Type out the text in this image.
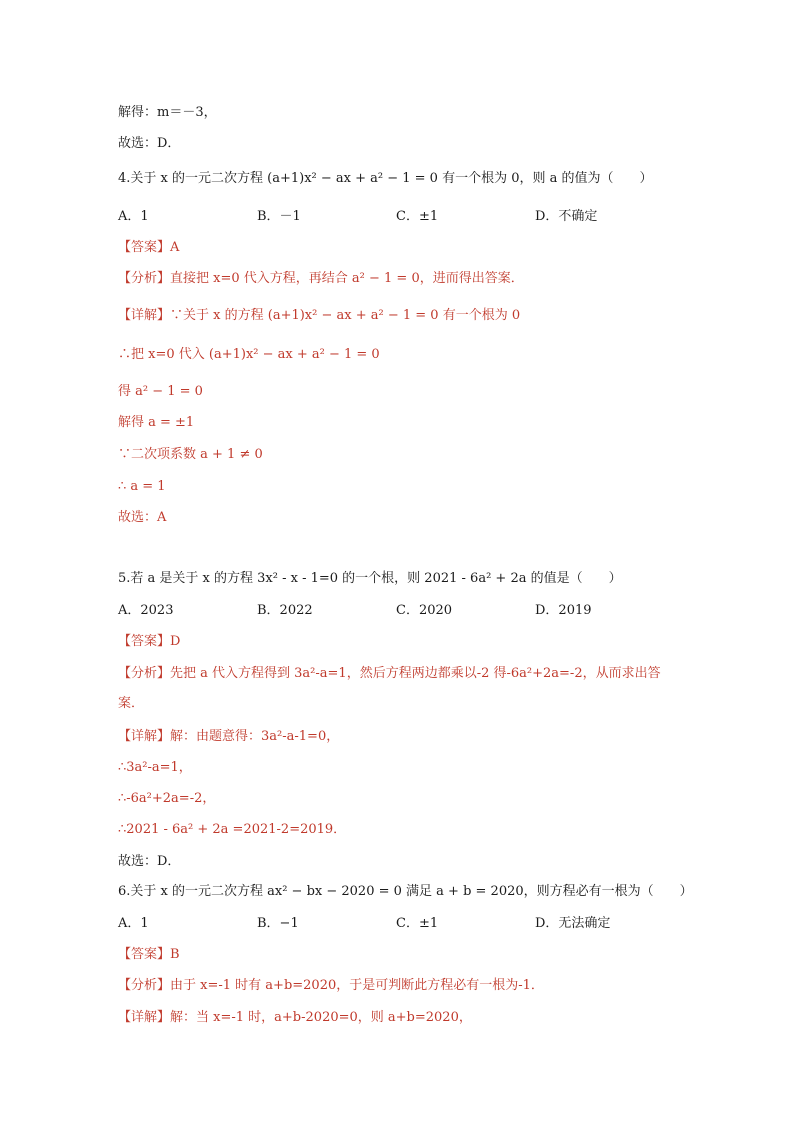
解得：m＝－3，
故选：D．
4.关于 x 的一元二次方程 (a+1)x² − ax + a² − 1 = 0 有一个根为 0，则 a 的值为（　　）
A．1	B．－1	C．±1	D．不确定
【答案】A
【分析】直接把 x=0 代入方程，再结合 a² − 1 = 0，进而得出答案．
【详解】∵关于 x 的方程 (a+1)x² − ax + a² − 1 = 0 有一个根为 0
∴把 x=0 代入 (a+1)x² − ax + a² − 1 = 0
得 a² − 1 = 0
解得 a = ±1
∵二次项系数 a + 1 ≠ 0
∴ a = 1
故选：A
5.若 a 是关于 x 的方程 3x² - x - 1=0 的一个根，则 2021 - 6a² + 2a 的值是（　　）
A．2023	B．2022	C．2020	D．2019
【答案】D
【分析】先把 a 代入方程得到 3a²-a=1，然后方程两边都乘以-2 得-6a²+2a=-2，从而求出答
案．
【详解】解：由题意得：3a²-a-1=0，
∴3a²-a=1，
∴-6a²+2a=-2，
∴2021 - 6a² + 2a =2021-2=2019．
故选：D．
6.关于 x 的一元二次方程 ax² − bx − 2020 = 0 满足 a + b = 2020，则方程必有一根为（　　）
A．1	B．−1	C．±1	D．无法确定
【答案】B
【分析】由于 x=-1 时有 a+b=2020，于是可判断此方程必有一根为-1．
【详解】解：当 x=-1 时，a+b-2020=0，则 a+b=2020，
